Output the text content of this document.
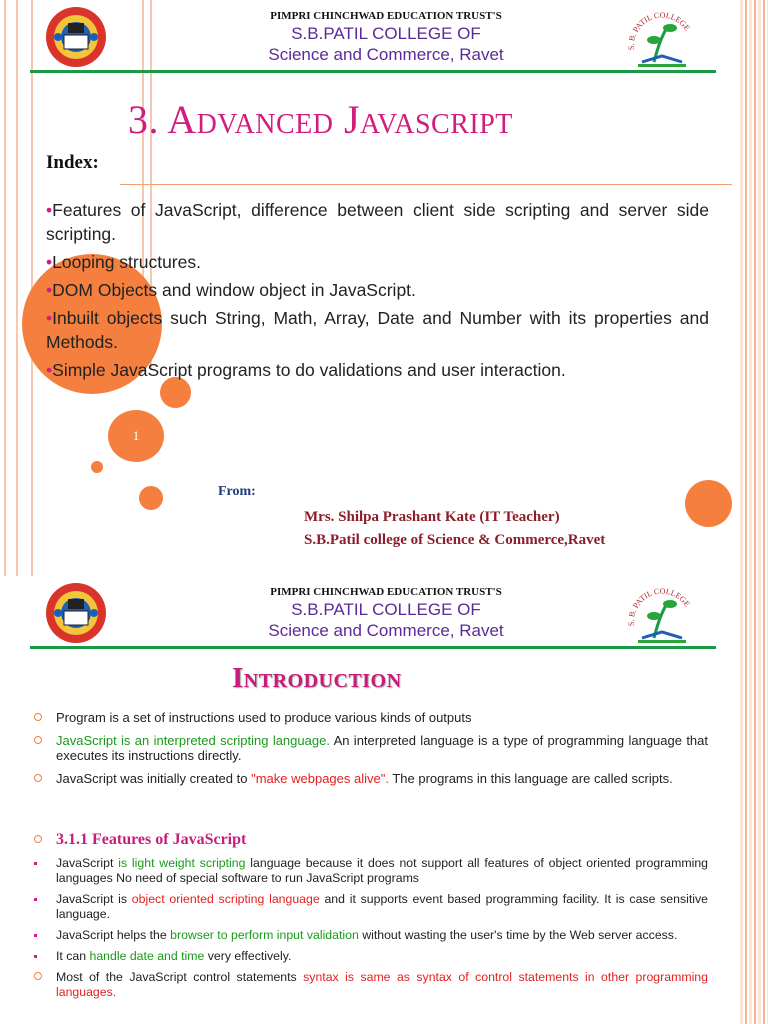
1
PIMPRI CHINCHWAD EDUCATION TRUST'S
S.B.PATIL COLLEGE OF
Science and Commerce, Ravet	S. B. PATIL COLLEGE
3. Advanced Javascript
Index:
•Features of JavaScript, difference between client side scripting and server side scripting.
•Looping structures.
•DOM Objects and window object in JavaScript.
•Inbuilt objects such String, Math, Array, Date and Number with its properties and Methods.
•Simple JavaScript programs to do validations and user interaction.
From:
Mrs. Shilpa Prashant Kate (IT Teacher)
S.B.Patil college of Science & Commerce,Ravet
PIMPRI CHINCHWAD EDUCATION TRUST'S
S.B.PATIL COLLEGE OF
Science and Commerce, Ravet	S. B. PATIL COLLEGE
Introduction
Program is a set of instructions used to produce various kinds of outputs
JavaScript is an interpreted scripting language. An interpreted language is a type of programming language that executes its instructions directly.
JavaScript was initially created to "make webpages alive". The programs in this language are called scripts.
3.1.1 Features of JavaScript
JavaScript is light weight scripting language because it does not support all features of object oriented programming languages No need of special software to run JavaScript programs
JavaScript is object oriented scripting language and it supports event based programming facility. It is case sensitive language.
JavaScript helps the browser to perform input validation without wasting the user's time by the Web server access.
It can handle date and time very effectively.
Most of the JavaScript control statements syntax is same as syntax of control statements in other programming languages.
